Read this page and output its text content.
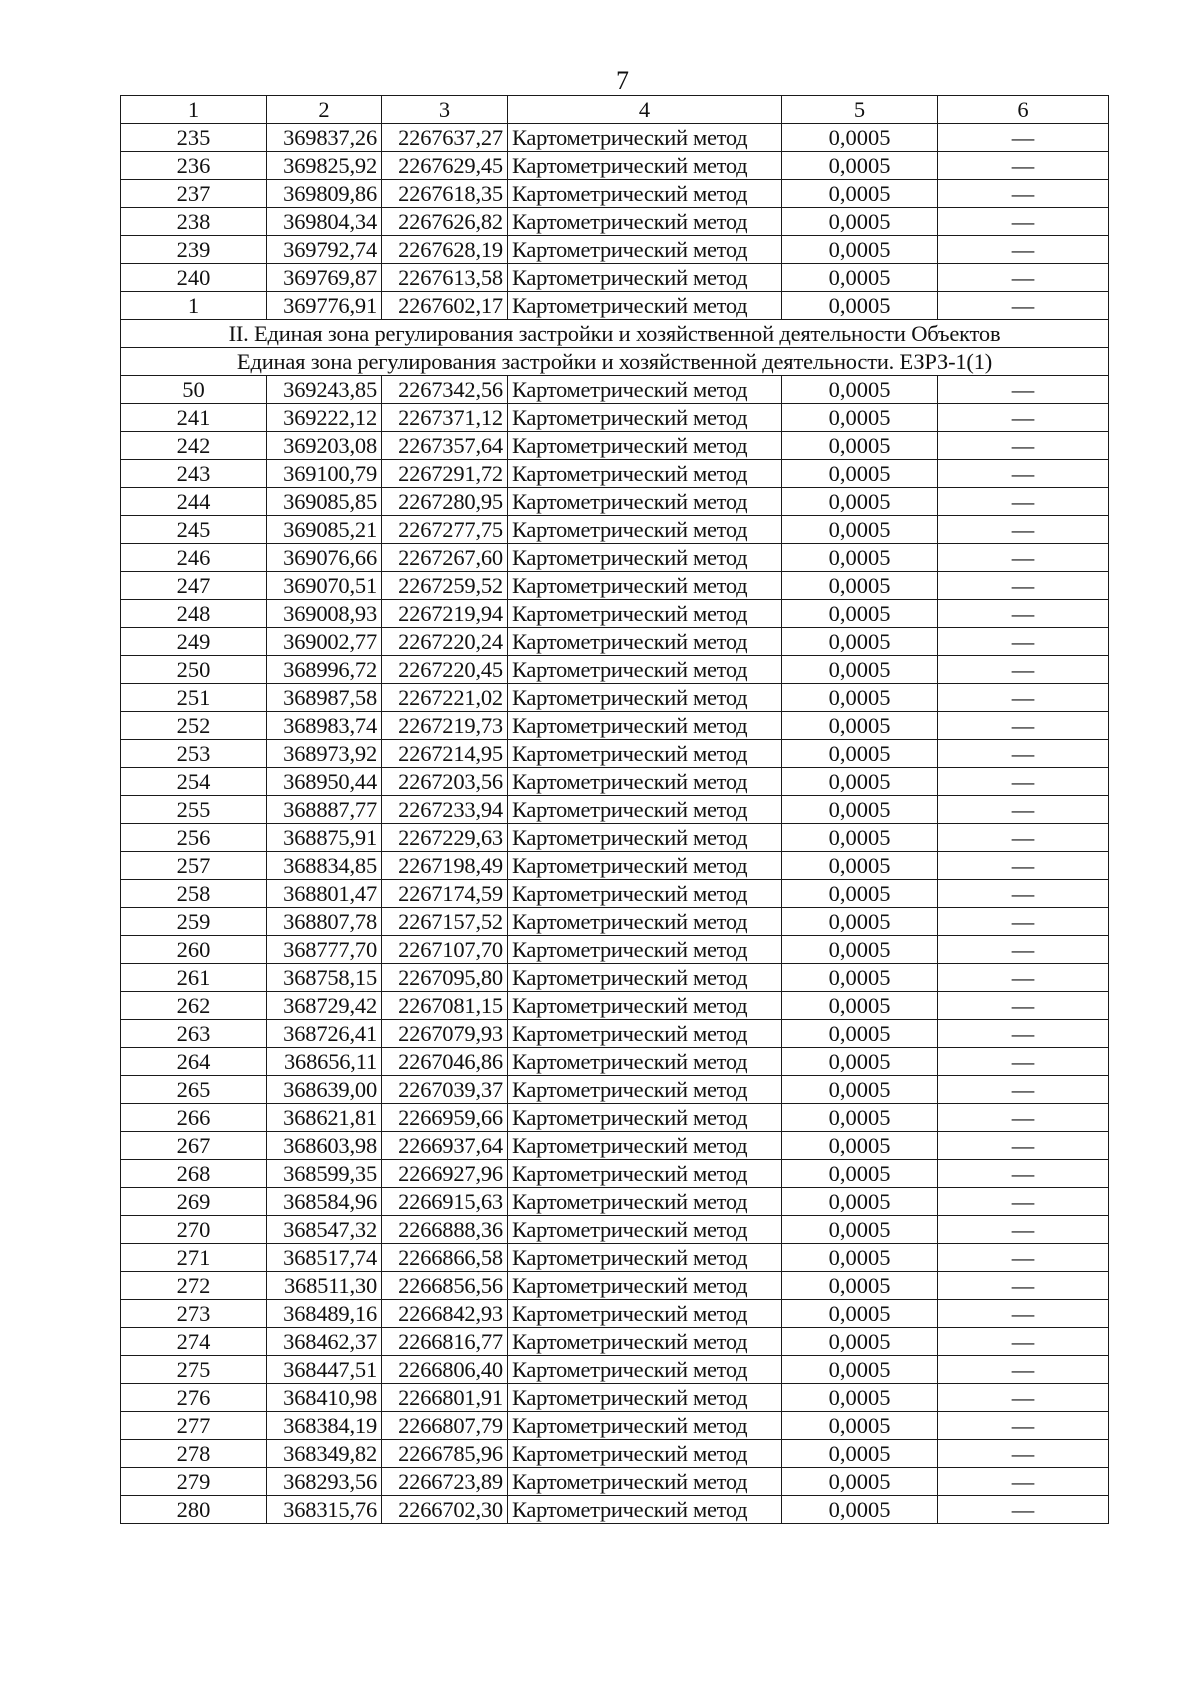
7
1	2	3	4	5	6
235	369837,26	2267637,27	Картометрический метод	0,0005	—
236	369825,92	2267629,45	Картометрический метод	0,0005	—
237	369809,86	2267618,35	Картометрический метод	0,0005	—
238	369804,34	2267626,82	Картометрический метод	0,0005	—
239	369792,74	2267628,19	Картометрический метод	0,0005	—
240	369769,87	2267613,58	Картометрический метод	0,0005	—
1	369776,91	2267602,17	Картометрический метод	0,0005	—
II. Единая зона регулирования застройки и хозяйственной деятельности Объектов					
Единая зона регулирования застройки и хозяйственной деятельности. ЕЗРЗ-1(1)					
50	369243,85	2267342,56	Картометрический метод	0,0005	—
241	369222,12	2267371,12	Картометрический метод	0,0005	—
242	369203,08	2267357,64	Картометрический метод	0,0005	—
243	369100,79	2267291,72	Картометрический метод	0,0005	—
244	369085,85	2267280,95	Картометрический метод	0,0005	—
245	369085,21	2267277,75	Картометрический метод	0,0005	—
246	369076,66	2267267,60	Картометрический метод	0,0005	—
247	369070,51	2267259,52	Картометрический метод	0,0005	—
248	369008,93	2267219,94	Картометрический метод	0,0005	—
249	369002,77	2267220,24	Картометрический метод	0,0005	—
250	368996,72	2267220,45	Картометрический метод	0,0005	—
251	368987,58	2267221,02	Картометрический метод	0,0005	—
252	368983,74	2267219,73	Картометрический метод	0,0005	—
253	368973,92	2267214,95	Картометрический метод	0,0005	—
254	368950,44	2267203,56	Картометрический метод	0,0005	—
255	368887,77	2267233,94	Картометрический метод	0,0005	—
256	368875,91	2267229,63	Картометрический метод	0,0005	—
257	368834,85	2267198,49	Картометрический метод	0,0005	—
258	368801,47	2267174,59	Картометрический метод	0,0005	—
259	368807,78	2267157,52	Картометрический метод	0,0005	—
260	368777,70	2267107,70	Картометрический метод	0,0005	—
261	368758,15	2267095,80	Картометрический метод	0,0005	—
262	368729,42	2267081,15	Картометрический метод	0,0005	—
263	368726,41	2267079,93	Картометрический метод	0,0005	—
264	368656,11	2267046,86	Картометрический метод	0,0005	—
265	368639,00	2267039,37	Картометрический метод	0,0005	—
266	368621,81	2266959,66	Картометрический метод	0,0005	—
267	368603,98	2266937,64	Картометрический метод	0,0005	—
268	368599,35	2266927,96	Картометрический метод	0,0005	—
269	368584,96	2266915,63	Картометрический метод	0,0005	—
270	368547,32	2266888,36	Картометрический метод	0,0005	—
271	368517,74	2266866,58	Картометрический метод	0,0005	—
272	368511,30	2266856,56	Картометрический метод	0,0005	—
273	368489,16	2266842,93	Картометрический метод	0,0005	—
274	368462,37	2266816,77	Картометрический метод	0,0005	—
275	368447,51	2266806,40	Картометрический метод	0,0005	—
276	368410,98	2266801,91	Картометрический метод	0,0005	—
277	368384,19	2266807,79	Картометрический метод	0,0005	—
278	368349,82	2266785,96	Картометрический метод	0,0005	—
279	368293,56	2266723,89	Картометрический метод	0,0005	—
280	368315,76	2266702,30	Картометрический метод	0,0005	—
